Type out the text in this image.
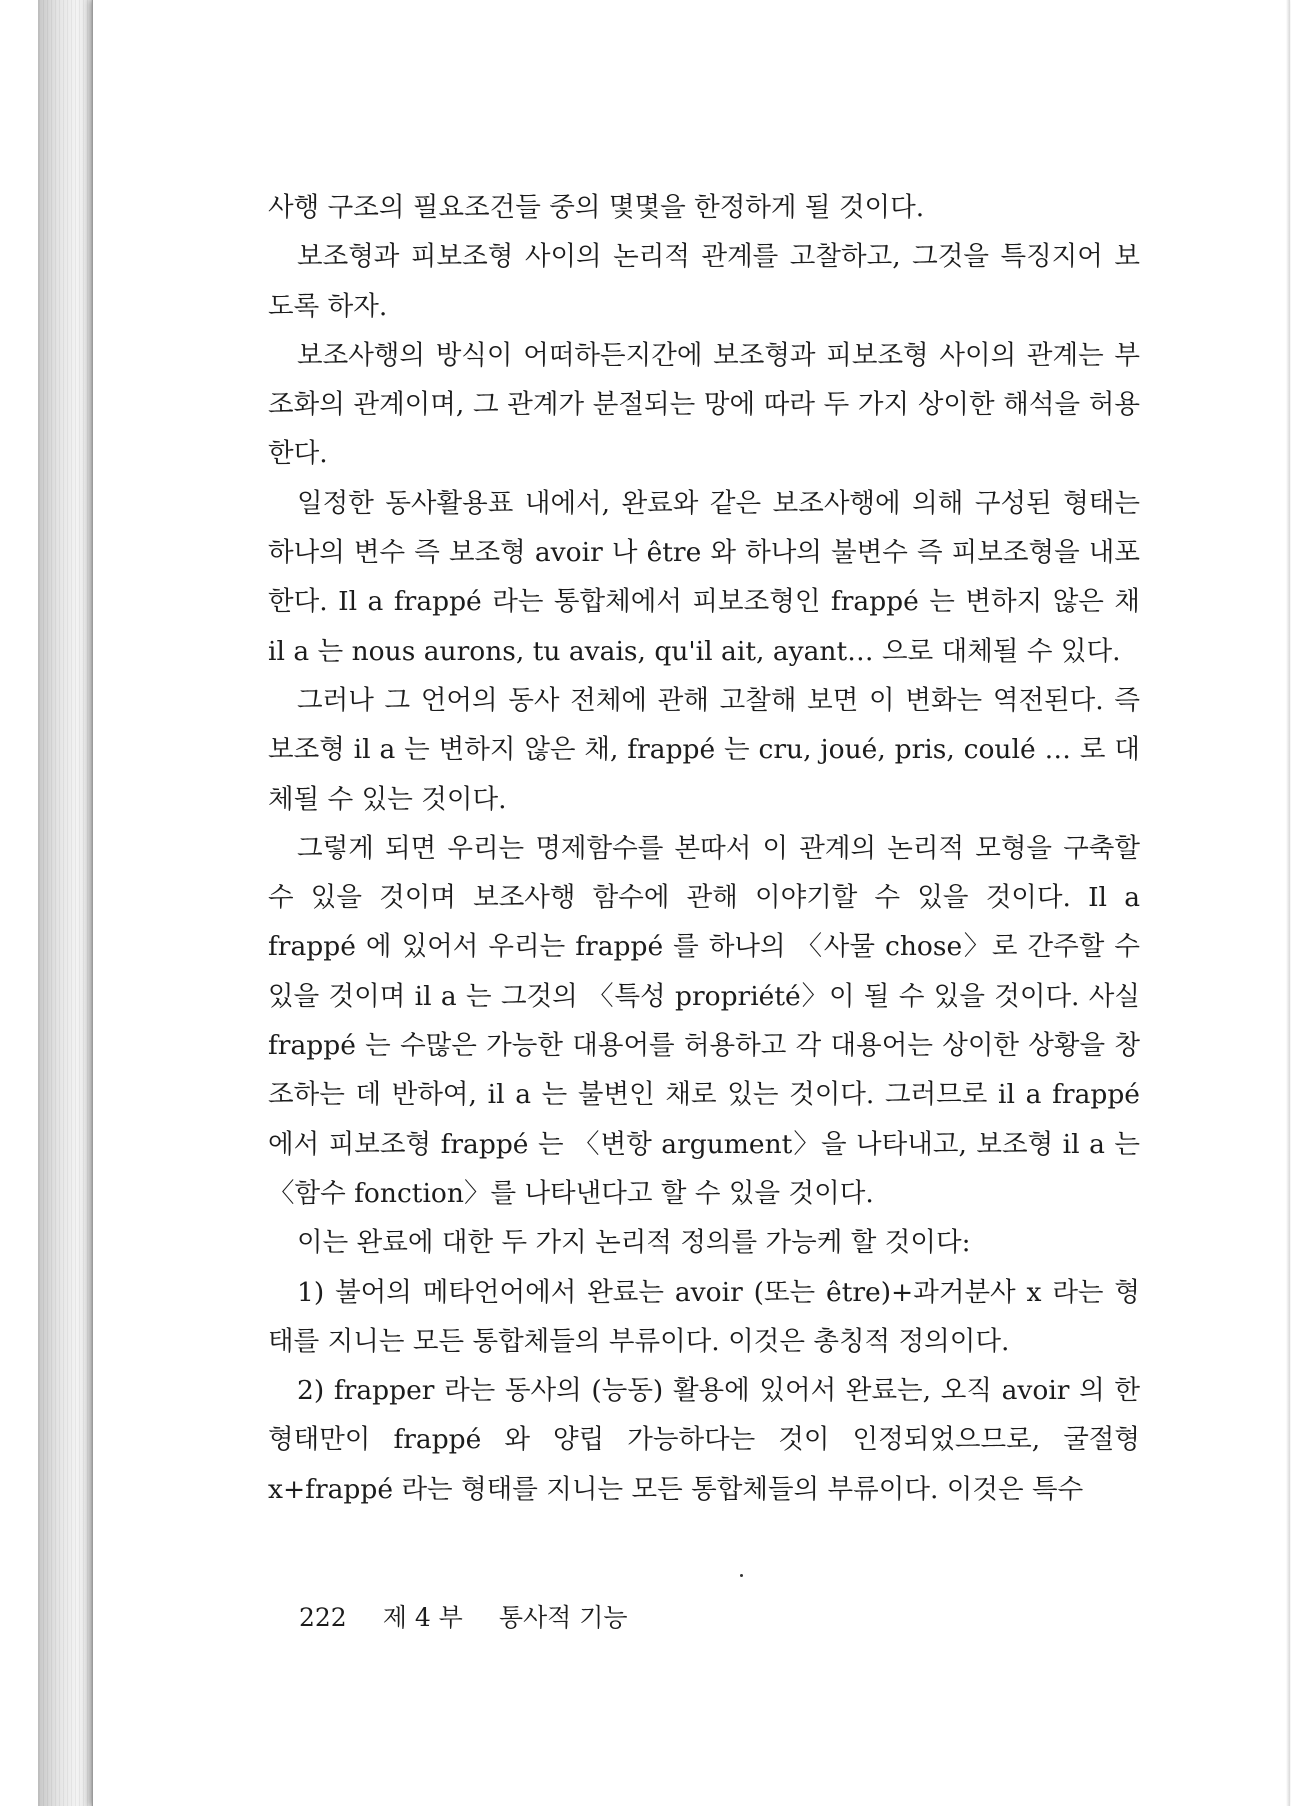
사행 구조의 필요조건들 중의 몇몇을 한정하게 될 것이다.

보조형과 피보조형 사이의 논리적 관계를 고찰하고, 그것을 특징지어 보도록 하자.

보조사행의 방식이 어떠하든지간에 보조형과 피보조형 사이의 관계는 부조화의 관계이며, 그 관계가 분절되는 망에 따라 두 가지 상이한 해석을 허용한다.

일정한 동사활용표 내에서, 완료와 같은 보조사행에 의해 구성된 형태는 하나의 변수 즉 보조형 avoir 나 être 와 하나의 불변수 즉 피보조형을 내포한다. Il a frappé 라는 통합체에서 피보조형인 frappé 는 변하지 않은 채 il a 는 nous aurons, tu avais, qu'il ait, ayant… 으로 대체될 수 있다.

그러나 그 언어의 동사 전체에 관해 고찰해 보면 이 변화는 역전된다. 즉 보조형 il a 는 변하지 않은 채, frappé 는 cru, joué, pris, coulé … 로 대체될 수 있는 것이다.

그렇게 되면 우리는 명제함수를 본따서 이 관계의 논리적 모형을 구축할 수 있을 것이며 보조사행 함수에 관해 이야기할 수 있을 것이다. Il a frappé 에 있어서 우리는 frappé 를 하나의 〈사물 chose〉로 간주할 수 있을 것이며 il a 는 그것의 〈특성 propriété〉이 될 수 있을 것이다. 사실 frappé 는 수많은 가능한 대용어를 허용하고 각 대용어는 상이한 상황을 창조하는 데 반하여, il a 는 불변인 채로 있는 것이다. 그러므로 il a frappé 에서 피보조형 frappé 는 〈변항 argument〉을 나타내고, 보조형 il a 는 〈함수 fonction〉를 나타낸다고 할 수 있을 것이다.

이는 완료에 대한 두 가지 논리적 정의를 가능케 할 것이다:

1) 불어의 메타언어에서 완료는 avoir (또는 être)+과거분사 x 라는 형태를 지니는 모든 통합체들의 부류이다. 이것은 총칭적 정의이다.

2) frapper 라는 동사의 (능동) 활용에 있어서 완료는, 오직 avoir 의 한 형태만이 frappé 와 양립 가능하다는 것이 인정되었으므로, 굴절형 x+frappé 라는 형태를 지니는 모든 통합체들의 부류이다. 이것은 특수

222 제 4 부 통사적 기능
